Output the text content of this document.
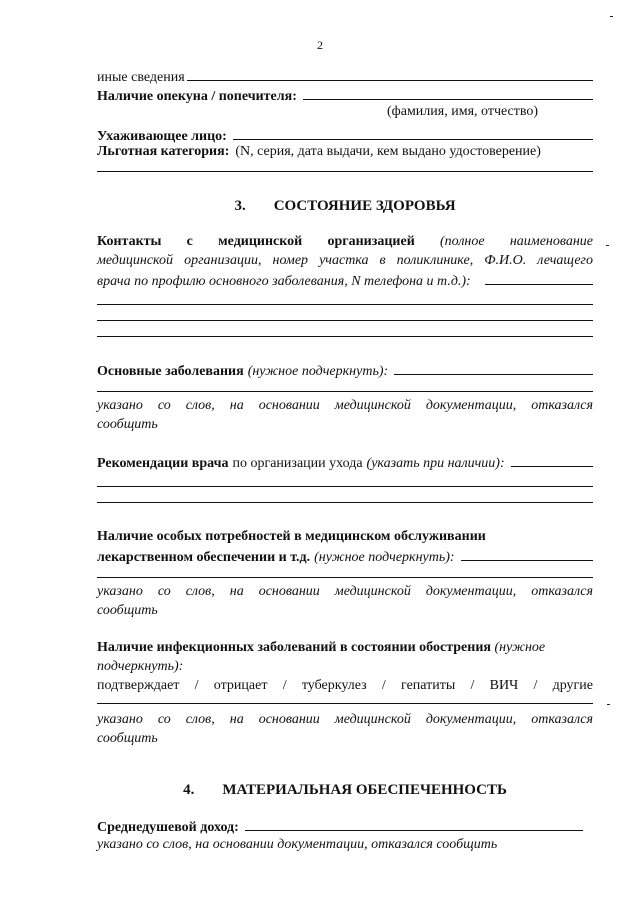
2
иные сведения
Наличие опекуна / попечителя:
(фамилия, имя, отчество)
Ухаживающее лицо:
Льготная категория: (N, серия, дата выдачи, кем выдано удостоверение)
3. СОСТОЯНИЕ ЗДОРОВЬЯ
Контакты с медицинской организацией (полное наименование
медицинской организации, номер участка в поликлинике, Ф.И.О. лечащего
врача по профилю основного заболевания, N телефона и т.д.):
Основные заболевания (нужное подчеркнуть):
указано со слов, на основании медицинской документации, отказался
сообщить
Рекомендации врача по организации ухода (указать при наличии):
Наличие особых потребностей в медицинском обслуживании
лекарственном обеспечении и т.д. (нужное подчеркнуть):
указано со слов, на основании медицинской документации, отказался
сообщить
Наличие инфекционных заболеваний в состоянии обострения (нужное
подчеркнуть):
подтверждает / отрицает / туберкулез / гепатиты / ВИЧ / другие
указано со слов, на основании медицинской документации, отказался
сообщить
4. МАТЕРИАЛЬНАЯ ОБЕСПЕЧЕННОСТЬ
Среднедушевой доход:
указано со слов, на основании документации, отказался сообщить
